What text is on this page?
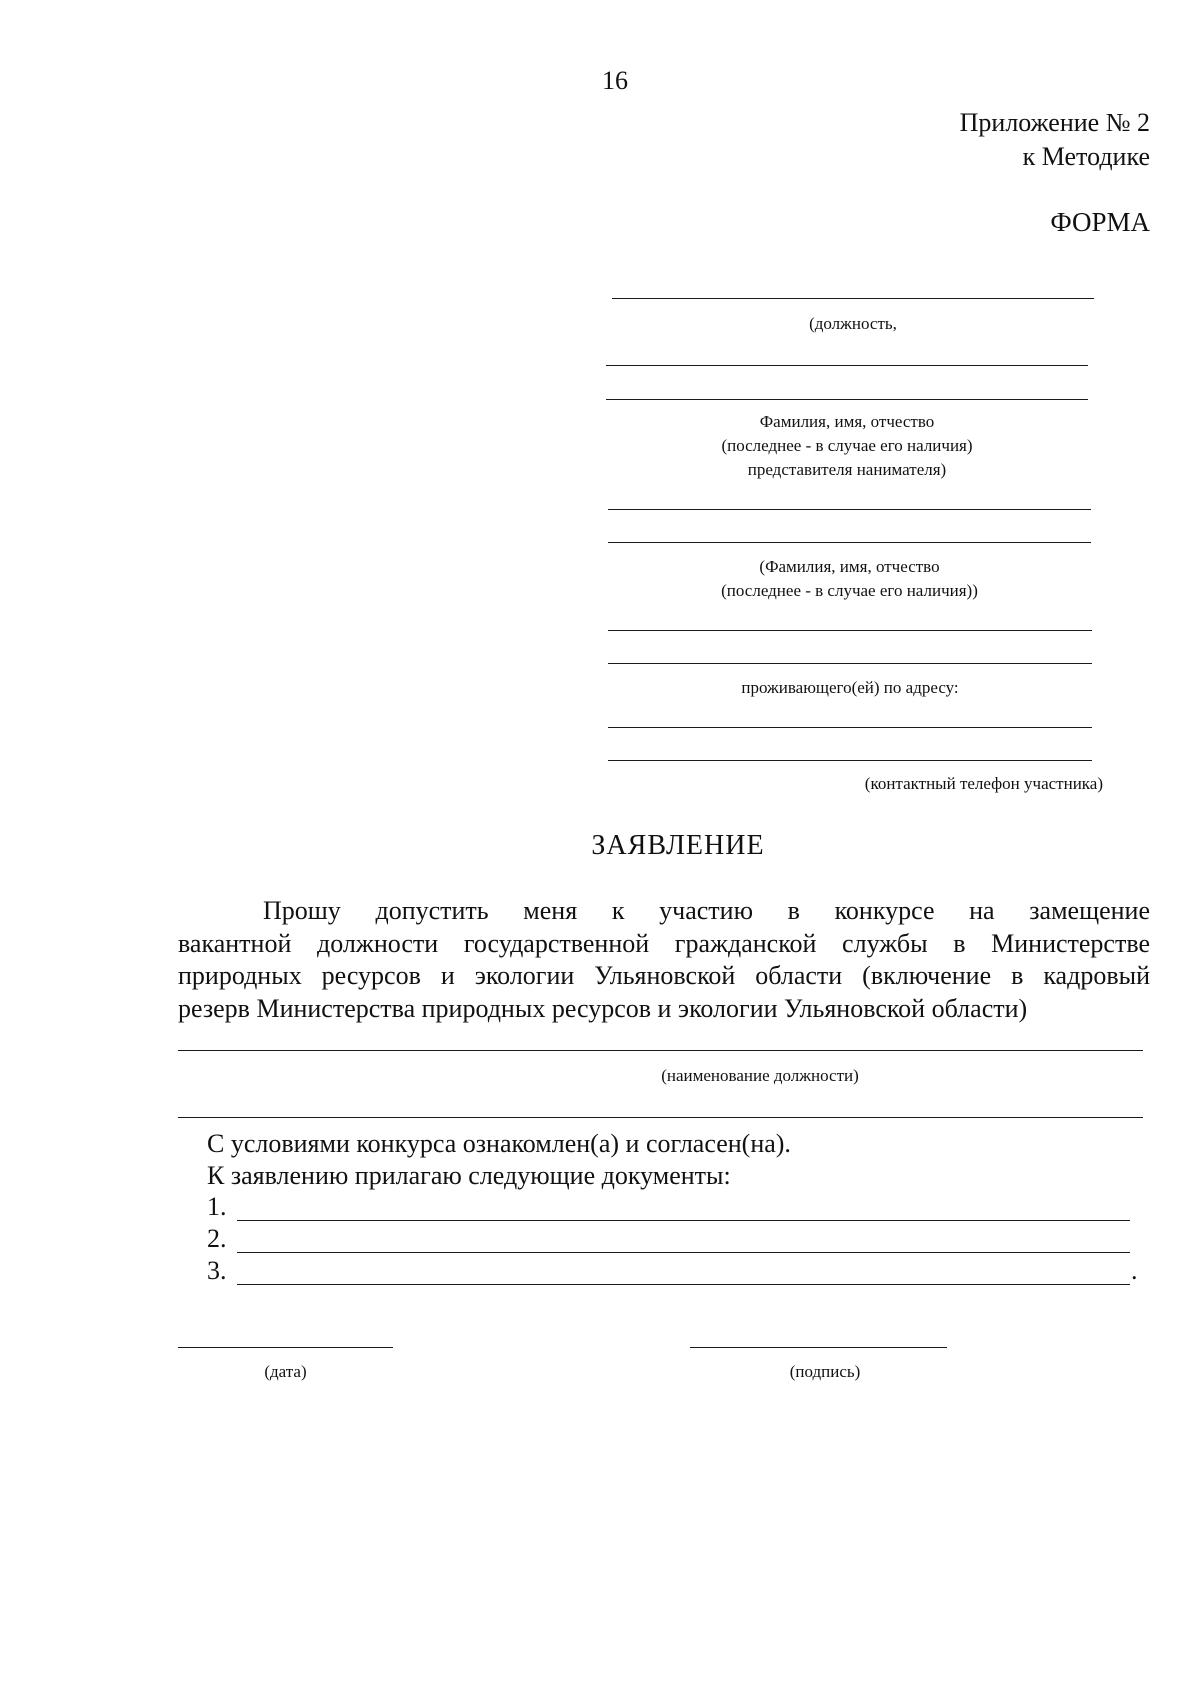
16
Приложение № 2
к Методике
ФОРМА
(должность,
Фамилия, имя, отчество
(последнее - в случае его наличия)
представителя нанимателя)
(Фамилия, имя, отчество
(последнее - в случае его наличия))
проживающего(ей) по адресу:
(контактный телефон участника)
ЗАЯВЛЕНИЕ
Прошу допустить меня к участию в конкурсе на замещение
вакантной должности государственной гражданской службы в Министерстве
природных ресурсов и экологии Ульяновской области (включение в кадровый
резерв Министерства природных ресурсов и экологии Ульяновской области)
(наименование должности)
С условиями конкурса ознакомлен(а) и согласен(на).
К заявлению прилагаю следующие документы:
1.
2.
3.	.
(дата)	(подпись)
